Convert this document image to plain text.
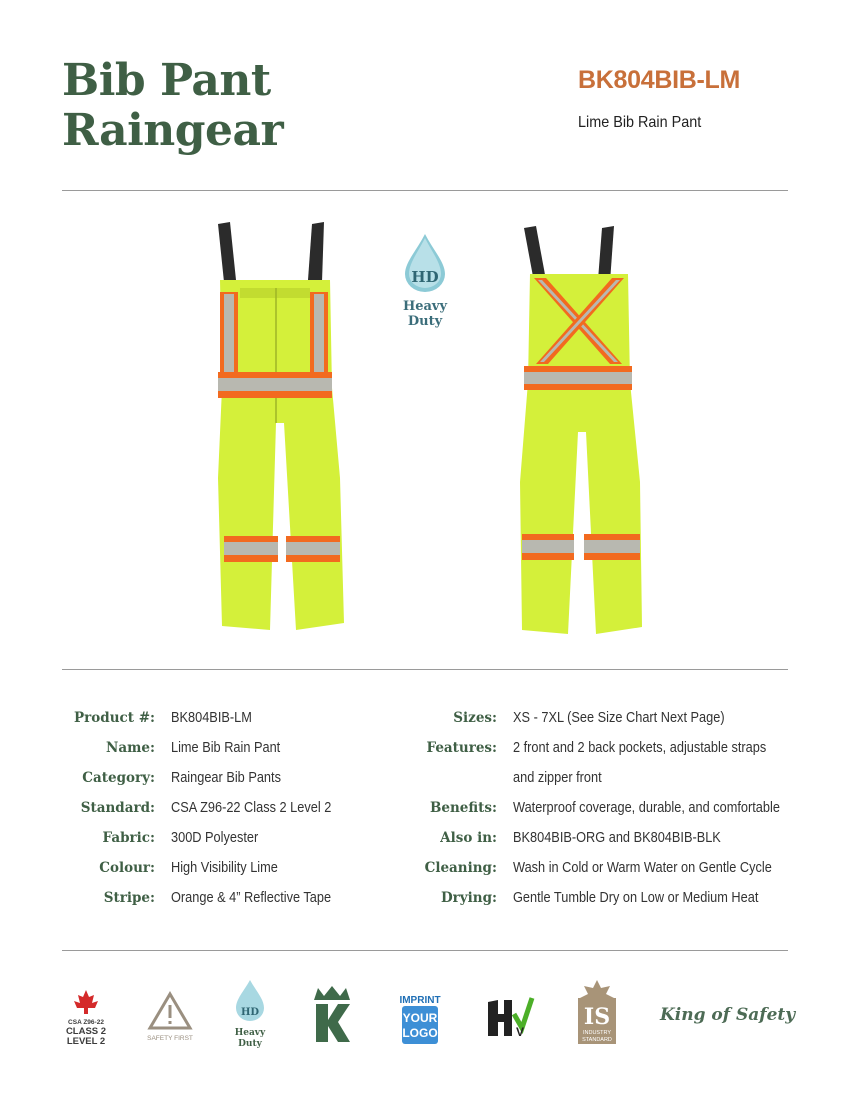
Bib Pant
Raingear
BK804BIB-LM
Lime Bib Rain Pant
HD
Heavy
Duty
Product #: BK804BIB-LM
Name: Lime Bib Rain Pant
Category: Raingear Bib Pants
Standard: CSA Z96-22 Class 2 Level 2
Fabric: 300D Polyester
Colour: High Visibility Lime
Stripe: Orange & 4” Reflective Tape
Sizes: XS - 7XL (See Size Chart Next Page)
Features: 2 front and 2 back pockets, adjustable straps
and zipper front
Benefits: Waterproof coverage, durable, and comfortable
Also in: BK804BIB-ORG and BK804BIB-BLK
Cleaning: Wash in Cold or Warm Water on Gentle Cycle
Drying: Gentle Tumble Dry on Low or Medium Heat
CSA Z96-22
CLASS 2
LEVEL 2	SAFETY FIRST
HD
Heavy
Duty
IMPRINT
YOUR
LOGO	V
IS
INDUSTRY
STANDARD
King of Safety
